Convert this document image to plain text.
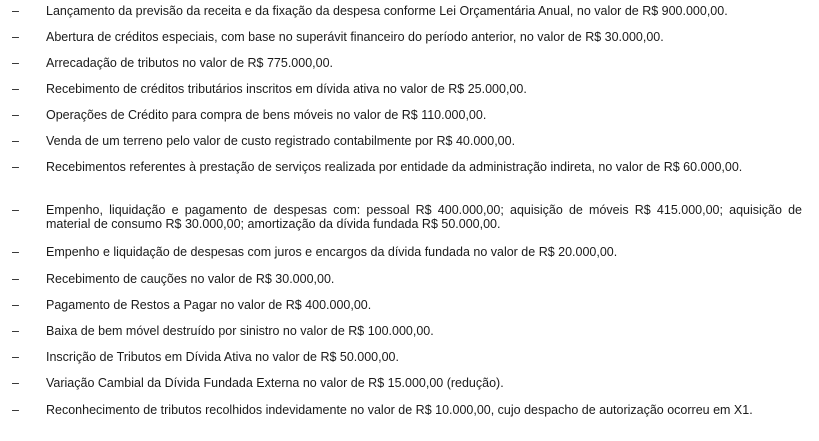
– Lançamento da previsão da receita e da fixação da despesa conforme Lei Orçamentária Anual, no valor de R$ 900.000,00.
– Abertura de créditos especiais, com base no superávit financeiro do período anterior, no valor de R$ 30.000,00.
– Arrecadação de tributos no valor de R$ 775.000,00.
– Recebimento de créditos tributários inscritos em dívida ativa no valor de R$ 25.000,00.
– Operações de Crédito para compra de bens móveis no valor de R$ 110.000,00.
– Venda de um terreno pelo valor de custo registrado contabilmente por R$ 40.000,00.
– Recebimentos referentes à prestação de serviços realizada por entidade da administração indireta, no valor de R$ 60.000,00.
– Empenho, liquidação e pagamento de despesas com: pessoal R$ 400.000,00; aquisição de móveis R$ 415.000,00; aquisição de material de consumo R$ 30.000,00; amortização da dívida fundada R$ 50.000,00.
– Empenho e liquidação de despesas com juros e encargos da dívida fundada no valor de R$ 20.000,00.
– Recebimento de cauções no valor de R$ 30.000,00.
– Pagamento de Restos a Pagar no valor de R$ 400.000,00.
– Baixa de bem móvel destruído por sinistro no valor de R$ 100.000,00.
– Inscrição de Tributos em Dívida Ativa no valor de R$ 50.000,00.
– Variação Cambial da Dívida Fundada Externa no valor de R$ 15.000,00 (redução).
– Reconhecimento de tributos recolhidos indevidamente no valor de R$ 10.000,00, cujo despacho de autorização ocorreu em X1.
